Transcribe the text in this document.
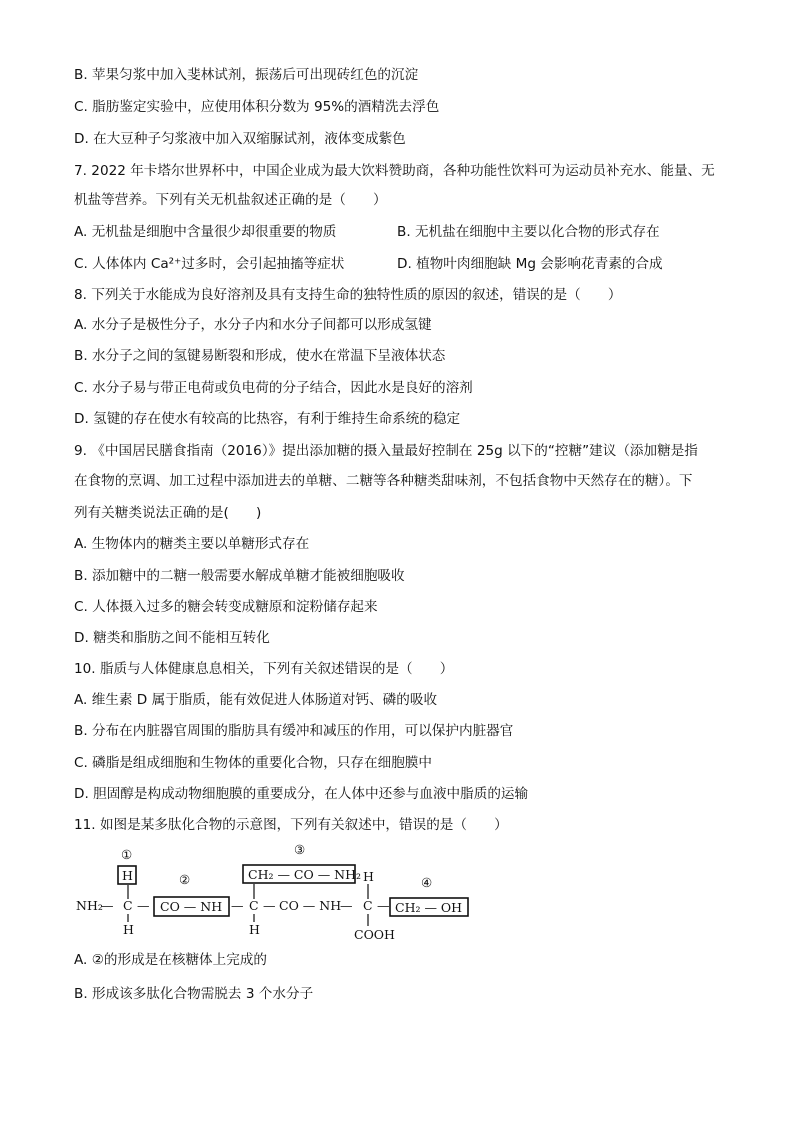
B. 苹果匀浆中加入斐林试剂，振荡后可出现砖红色的沉淀
C. 脂肪鉴定实验中，应使用体积分数为 95%的酒精洗去浮色
D. 在大豆种子匀浆液中加入双缩脲试剂，液体变成紫色
7. 2022 年卡塔尔世界杯中，中国企业成为最大饮料赞助商，各种功能性饮料可为运动员补充水、能量、无
机盐等营养。下列有关无机盐叙述正确的是（　　）
A. 无机盐是细胞中含量很少却很重要的物质	B. 无机盐在细胞中主要以化合物的形式存在
C. 人体体内 Ca²⁺过多时，会引起抽搐等症状	D. 植物叶肉细胞缺 Mg 会影响花青素的合成
8. 下列关于水能成为良好溶剂及具有支持生命的独特性质的原因的叙述，错误的是（　　）
A. 水分子是极性分子，水分子内和水分子间都可以形成氢键
B. 水分子之间的氢键易断裂和形成，使水在常温下呈液体状态
C. 水分子易与带正电荷或负电荷的分子结合，因此水是良好的溶剂
D. 氢键的存在使水有较高的比热容，有利于维持生命系统的稳定
9. 《中国居民膳食指南（2016）》提出添加糖的摄入量最好控制在 25g 以下的“控糖”建议（添加糖是指
在食物的烹调、加工过程中添加进去的单糖、二糖等各种糖类甜味剂，不包括食物中天然存在的糖）。下
列有关糖类说法正确的是(　　)
A. 生物体内的糖类主要以单糖形式存在
B. 添加糖中的二糖一般需要水解成单糖才能被细胞吸收
C. 人体摄入过多的糖会转变成糖原和淀粉储存起来
D. 糖类和脂肪之间不能相互转化
10. 脂质与人体健康息息相关，下列有关叙述错误的是（　　）
A. 维生素 D 属于脂质，能有效促进人体肠道对钙、磷的吸收
B. 分布在内脏器官周围的脂肪具有缓冲和减压的作用，可以保护内脏器官
C. 磷脂是组成细胞和生物体的重要化合物，只存在细胞膜中
D. 胆固醇是构成动物细胞膜的重要成分，在人体中还参与血液中脂质的运输
11. 如图是某多肽化合物的示意图，下列有关叙述中，错误的是（　　）
①
②
③
④
H	CH₂ — CO — NH₂
NH₂
— C — CO — NH — C — CO — NH
— C — CH₂ — OH
H	H
H
COOH
A. ②的形成是在核糖体上完成的
B. 形成该多肽化合物需脱去 3 个水分子
